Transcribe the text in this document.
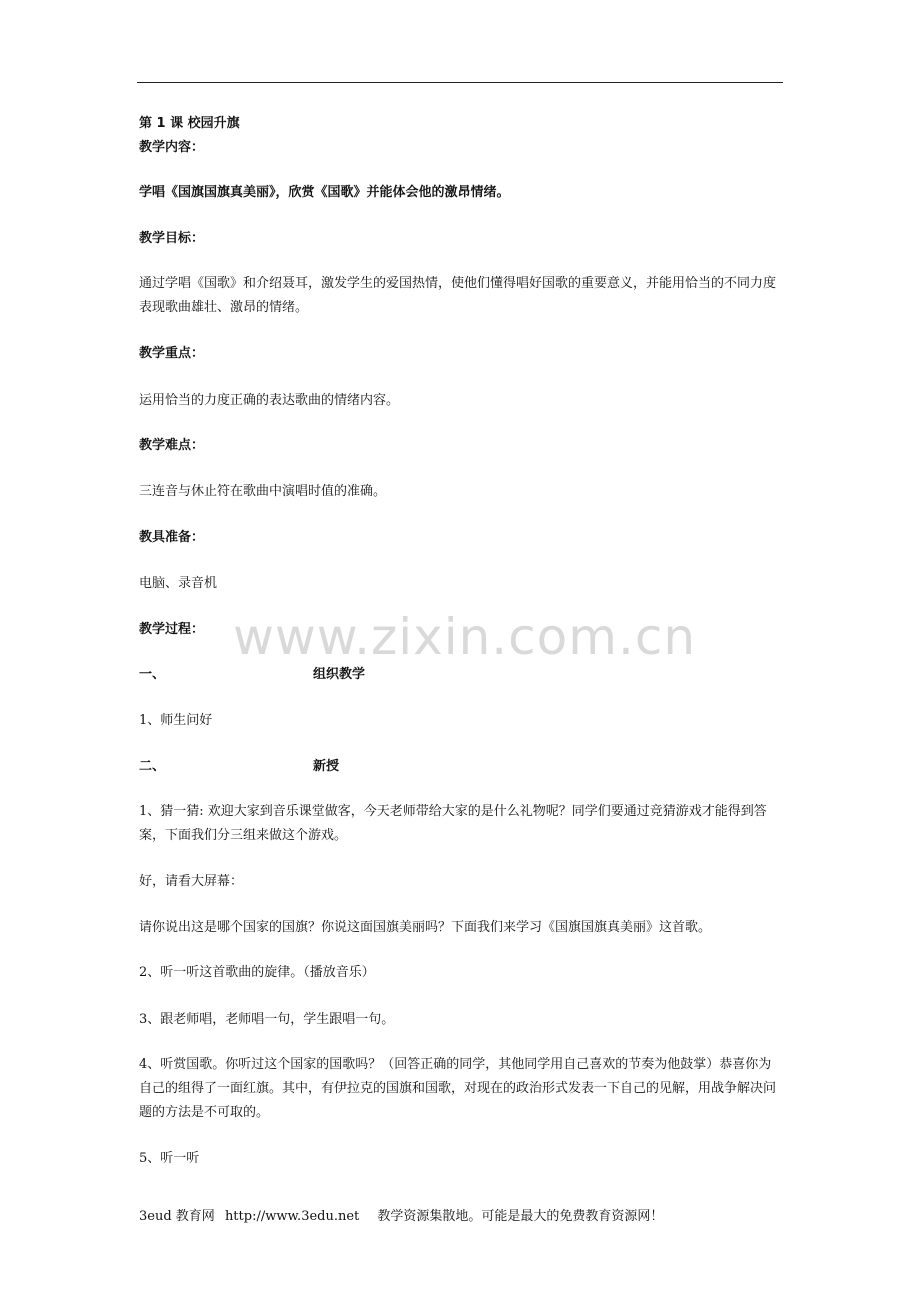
第 1 课 校园升旗
教学内容：
学唱《国旗国旗真美丽》，欣赏《国歌》并能体会他的激昂情绪。
教学目标：
通过学唱《国歌》和介绍聂耳，激发学生的爱国热情，使他们懂得唱好国歌的重要意义，并能用恰当的不同力度表现歌曲雄壮、激昂的情绪。
教学重点：
运用恰当的力度正确的表达歌曲的情绪内容。
教学难点：
三连音与休止符在歌曲中演唱时值的准确。
教具准备：
电脑、录音机
教学过程： www.zixin.com.cn
一、	组织教学
1、师生问好
二、	新授
1、猜一猜: 欢迎大家到音乐课堂做客，今天老师带给大家的是什么礼物呢？同学们要通过竞猜游戏才能得到答案，下面我们分三组来做这个游戏。
好，请看大屏幕：
请你说出这是哪个国家的国旗？你说这面国旗美丽吗？下面我们来学习《国旗国旗真美丽》这首歌。
2、听一听这首歌曲的旋律。（播放音乐）
3、跟老师唱，老师唱一句，学生跟唱一句。
4、听赏国歌。你听过这个国家的国歌吗？（回答正确的同学，其他同学用自己喜欢的节奏为他鼓掌）恭喜你为自己的组得了一面红旗。其中，有伊拉克的国旗和国歌，对现在的政治形式发表一下自己的见解，用战争解决问题的方法是不可取的。
5、听一听
3eud 教育网 http://www.3edu.net 教学资源集散地。可能是最大的免费教育资源网！
